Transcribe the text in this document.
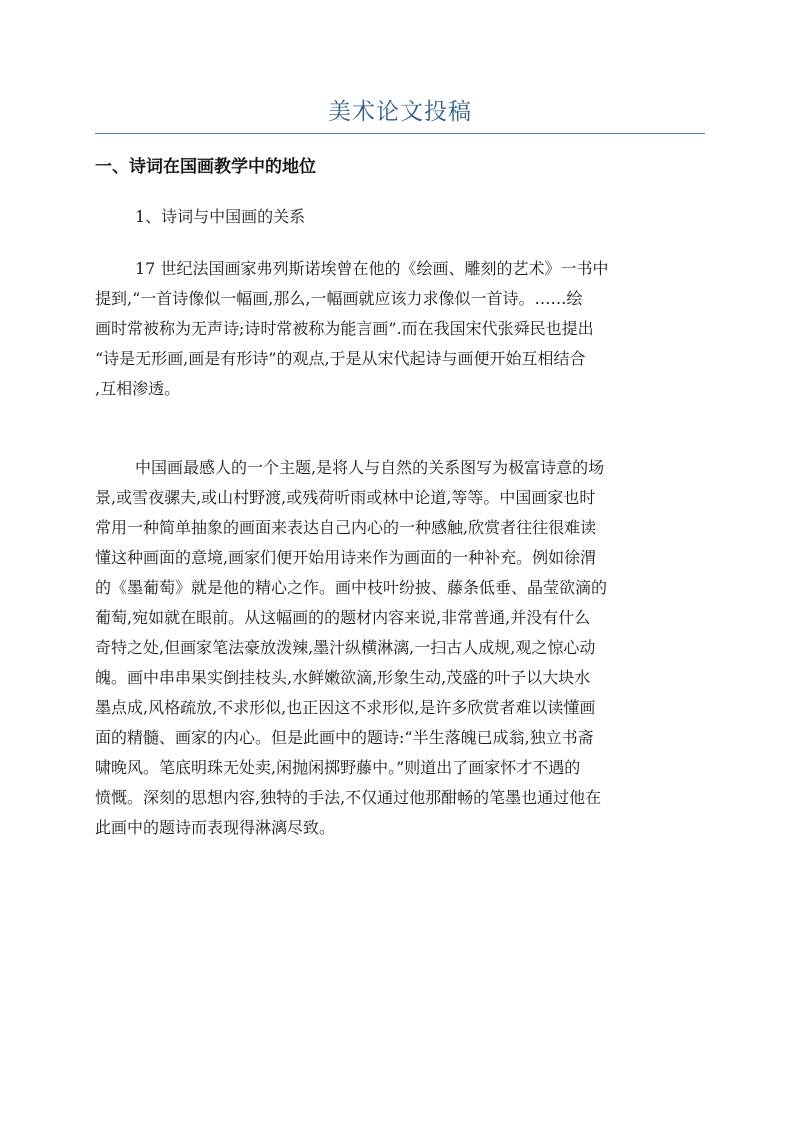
美术论文投稿
一、诗词在国画教学中的地位
1、诗词与中国画的关系

17 世纪法国画家弗列斯诺埃曾在他的《绘画、雕刻的艺术》一书中
提到,“一首诗像似一幅画,那么,一幅画就应该力求像似一首诗。……绘
画时常被称为无声诗;诗时常被称为能言画”.而在我国宋代张舜民也提出
“诗是无形画,画是有形诗”的观点,于是从宋代起诗与画便开始互相结合
,互相渗透。

中国画最感人的一个主题,是将人与自然的关系图写为极富诗意的场
景,或雪夜骡夫,或山村野渡,或残荷听雨或林中论道,等等。中国画家也时
常用一种简单抽象的画面来表达自己内心的一种感触,欣赏者往往很难读
懂这种画面的意境,画家们便开始用诗来作为画面的一种补充。例如徐渭
的《墨葡萄》就是他的精心之作。画中枝叶纷披、藤条低垂、晶莹欲滴的
葡萄,宛如就在眼前。从这幅画的的题材内容来说,非常普通,并没有什么
奇特之处,但画家笔法豪放泼辣,墨汁纵横淋漓,一扫古人成规,观之惊心动
魄。画中串串果实倒挂枝头,水鲜嫩欲滴,形象生动,茂盛的叶子以大块水
墨点成,风格疏放,不求形似,也正因这不求形似,是许多欣赏者难以读懂画
面的精髓、画家的内心。但是此画中的题诗:“半生落魄已成翁,独立书斋
啸晚风。笔底明珠无处卖,闲抛闲掷野藤中。”则道出了画家怀才不遇的
愤慨。深刻的思想内容,独特的手法,不仅通过他那酣畅的笔墨也通过他在
此画中的题诗而表现得淋漓尽致。
